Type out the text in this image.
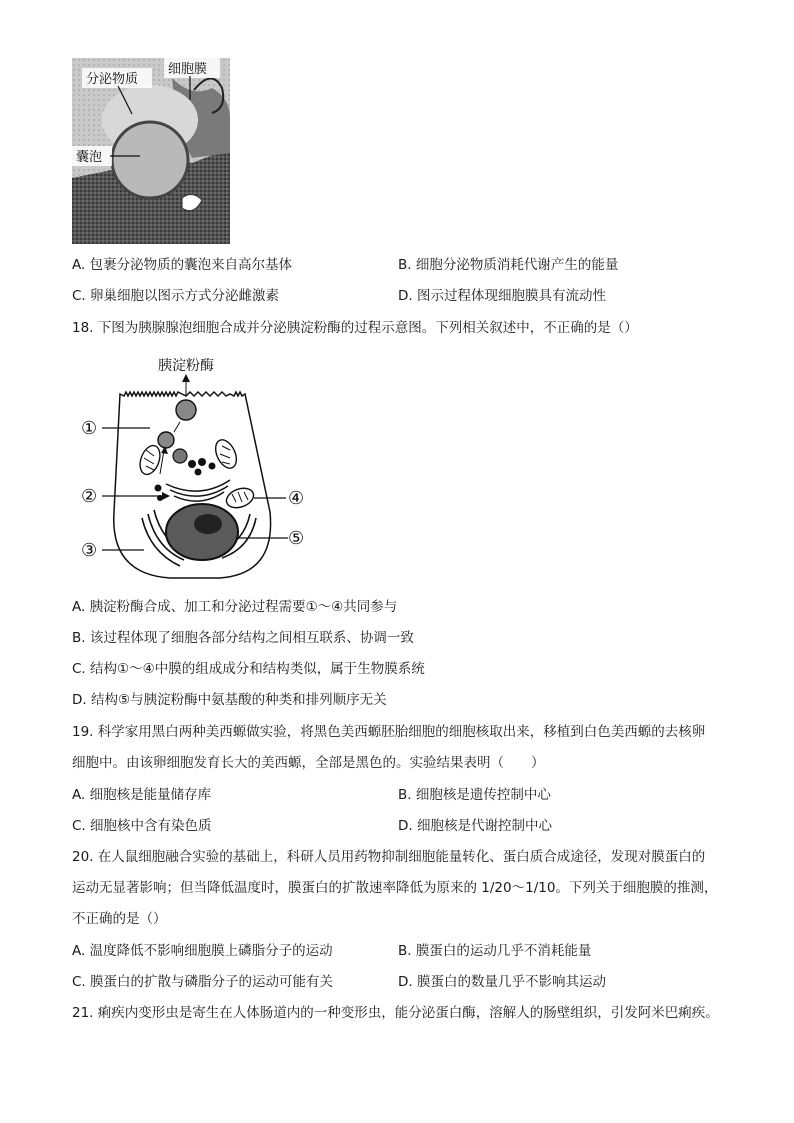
分泌物质
细胞膜
囊泡
A. 包裹分泌物质的囊泡来自高尔基体	B. 细胞分泌物质消耗代谢产生的能量
C. 卵巢细胞以图示方式分泌雌激素	D. 图示过程体现细胞膜具有流动性
18. 下图为胰腺腺泡细胞合成并分泌胰淀粉酶的过程示意图。下列相关叙述中，不正确的是（）
胰淀粉酶
①
②
③
④
⑤
A. 胰淀粉酶合成、加工和分泌过程需要①～④共同参与
B. 该过程体现了细胞各部分结构之间相互联系、协调一致
C. 结构①～④中膜的组成成分和结构类似，属于生物膜系统
D. 结构⑤与胰淀粉酶中氨基酸的种类和排列顺序无关
19. 科学家用黑白两种美西螈做实验，将黑色美西螈胚胎细胞的细胞核取出来，移植到白色美西螈的去核卵
细胞中。由该卵细胞发育长大的美西螈，全部是黑色的。实验结果表明（　　）
A. 细胞核是能量储存库	B. 细胞核是遗传控制中心
C. 细胞核中含有染色质	D. 细胞核是代谢控制中心
20. 在人鼠细胞融合实验的基础上，科研人员用药物抑制细胞能量转化、蛋白质合成途径，发现对膜蛋白的
运动无显著影响；但当降低温度时，膜蛋白的扩散速率降低为原来的 1/20～1/10。下列关于细胞膜的推测，
不正确的是（）
A. 温度降低不影响细胞膜上磷脂分子的运动	B. 膜蛋白的运动几乎不消耗能量
C. 膜蛋白的扩散与磷脂分子的运动可能有关	D. 膜蛋白的数量几乎不影响其运动
21. 痢疾内变形虫是寄生在人体肠道内的一种变形虫，能分泌蛋白酶，溶解人的肠壁组织，引发阿米巴痢疾。
